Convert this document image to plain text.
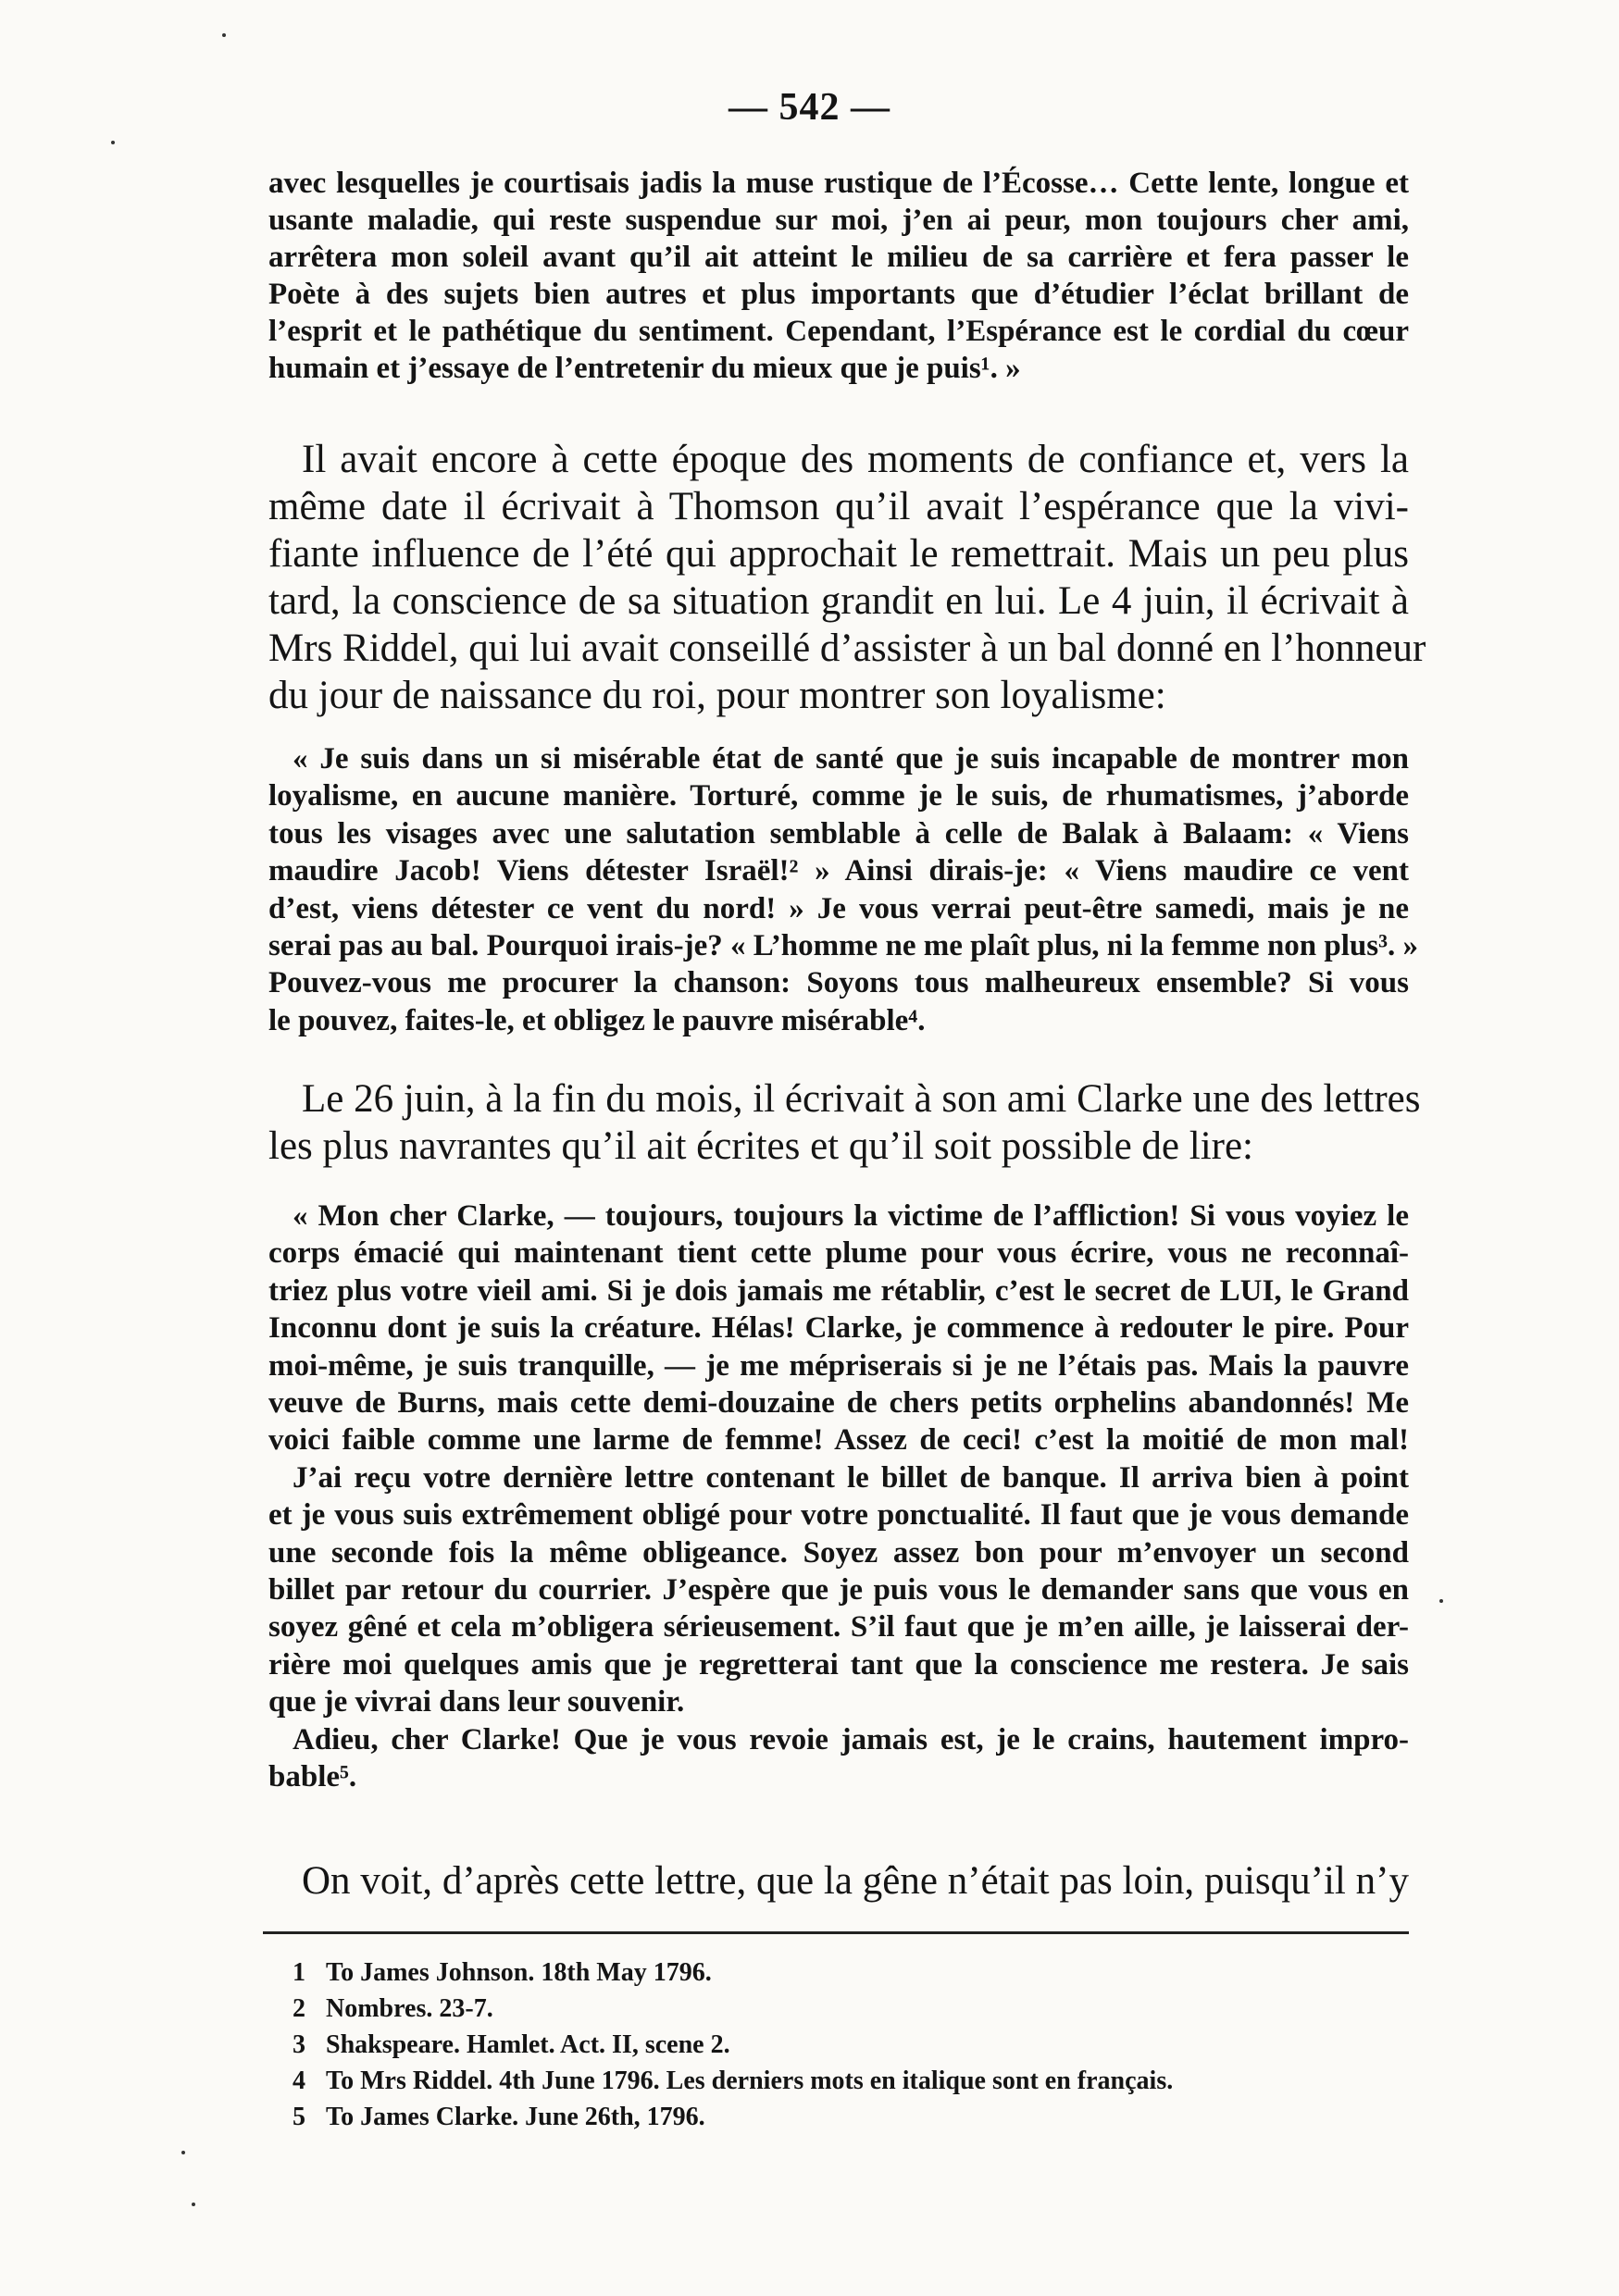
— 542 —
avec lesquelles je courtisais jadis la muse rustique de l’Écosse… Cette lente, longue et
usante maladie, qui reste suspendue sur moi, j’en ai peur, mon toujours cher ami,
arrêtera mon soleil avant qu’il ait atteint le milieu de sa carrière et fera passer le
Poète à des sujets bien autres et plus importants que d’étudier l’éclat brillant de
l’esprit et le pathétique du sentiment. Cependant, l’Espérance est le cordial du cœur
humain et j’essaye de l’entretenir du mieux que je puis¹. »
Il avait encore à cette époque des moments de confiance et, vers la
même date il écrivait à Thomson qu’il avait l’espérance que la vivi-
fiante influence de l’été qui approchait le remettrait. Mais un peu plus
tard, la conscience de sa situation grandit en lui. Le 4 juin, il écrivait à
Mrs Riddel, qui lui avait conseillé d’assister à un bal donné en l’honneur
du jour de naissance du roi, pour montrer son loyalisme:
« Je suis dans un si misérable état de santé que je suis incapable de montrer mon
loyalisme, en aucune manière. Torturé, comme je le suis, de rhumatismes, j’aborde
tous les visages avec une salutation semblable à celle de Balak à Balaam: « Viens
maudire Jacob! Viens détester Israël!² » Ainsi dirais-je: « Viens maudire ce vent
d’est, viens détester ce vent du nord! » Je vous verrai peut-être samedi, mais je ne
serai pas au bal. Pourquoi irais-je? « L’homme ne me plaît plus, ni la femme non plus³. »
Pouvez-vous me procurer la chanson: Soyons tous malheureux ensemble? Si vous
le pouvez, faites-le, et obligez le pauvre misérable⁴.
Le 26 juin, à la fin du mois, il écrivait à son ami Clarke une des lettres
les plus navrantes qu’il ait écrites et qu’il soit possible de lire:
« Mon cher Clarke, — toujours, toujours la victime de l’affliction! Si vous voyiez le
corps émacié qui maintenant tient cette plume pour vous écrire, vous ne reconnaî-
triez plus votre vieil ami. Si je dois jamais me rétablir, c’est le secret de LUI, le Grand
Inconnu dont je suis la créature. Hélas! Clarke, je commence à redouter le pire. Pour
moi-même, je suis tranquille, — je me mépriserais si je ne l’étais pas. Mais la pauvre
veuve de Burns, mais cette demi-douzaine de chers petits orphelins abandonnés! Me
voici faible comme une larme de femme! Assez de ceci! c’est la moitié de mon mal!
J’ai reçu votre dernière lettre contenant le billet de banque. Il arriva bien à point
et je vous suis extrêmement obligé pour votre ponctualité. Il faut que je vous demande
une seconde fois la même obligeance. Soyez assez bon pour m’envoyer un second
billet par retour du courrier. J’espère que je puis vous le demander sans que vous en
soyez gêné et cela m’obligera sérieusement. S’il faut que je m’en aille, je laisserai der-
rière moi quelques amis que je regretterai tant que la conscience me restera. Je sais
que je vivrai dans leur souvenir.
Adieu, cher Clarke! Que je vous revoie jamais est, je le crains, hautement impro-
bable⁵.
On voit, d’après cette lettre, que la gêne n’était pas loin, puisqu’il n’y
1 To James Johnson. 18th May 1796.
2 Nombres. 23-7.
3 Shakspeare. Hamlet. Act. II, scene 2.
4 To Mrs Riddel. 4th June 1796. Les derniers mots en italique sont en français.
5 To James Clarke. June 26th, 1796.
